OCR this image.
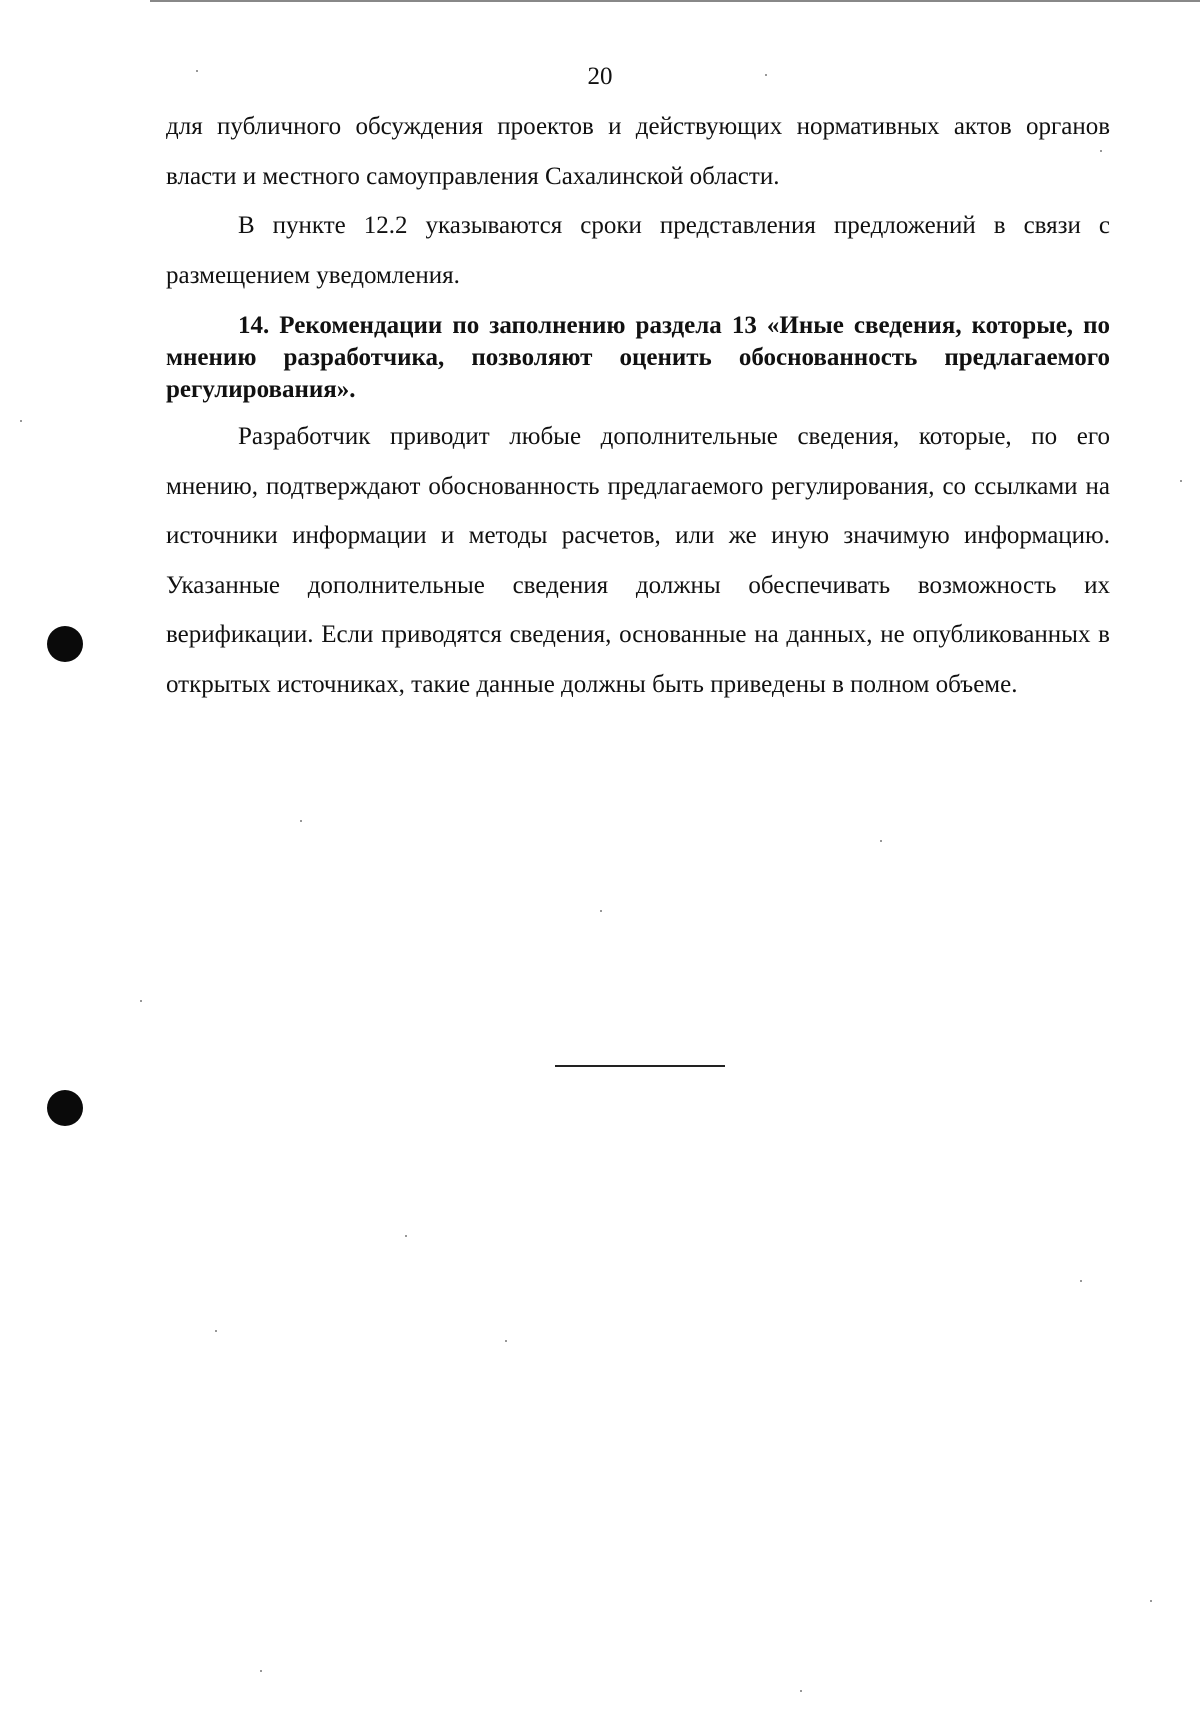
20

для публичного обсуждения проектов и действующих нормативных актов органов власти и местного самоуправления Сахалинской области.

В пункте 12.2 указываются сроки представления предложений в связи с размещением уведомления.

14. Рекомендации по заполнению раздела 13 «Иные сведения, которые, по мнению разработчика, позволяют оценить обоснованность предлагаемого регулирования».

Разработчик приводит любые дополнительные сведения, которые, по его мнению, подтверждают обоснованность предлагаемого регулирования, со ссылками на источники информации и методы расчетов, или же иную значимую информацию. Указанные дополнительные сведения должны обеспечивать возможность их верификации. Если приводятся сведения, основанные на данных, не опубликованных в открытых источниках, такие данные должны быть приведены в полном объеме.
